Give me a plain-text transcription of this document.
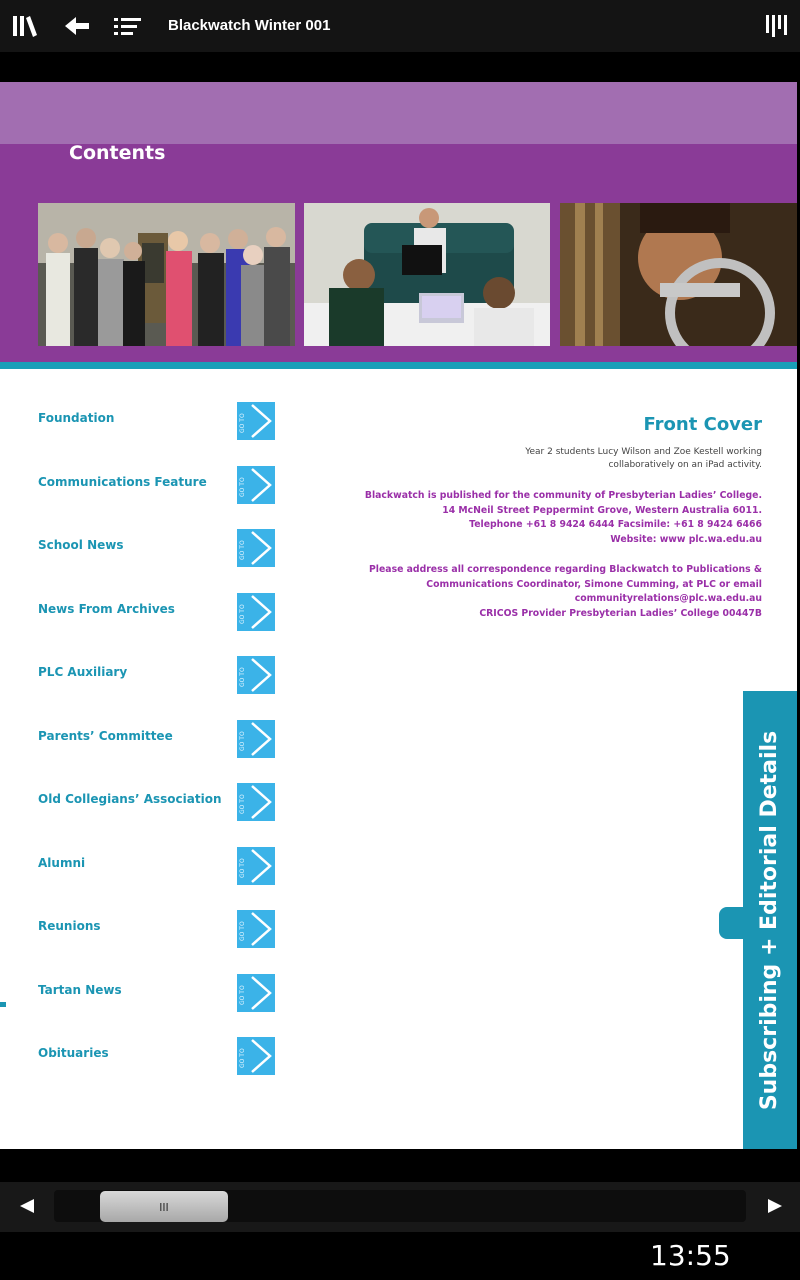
Blackwatch Winter 001
Contents
Foundation	GO TO
Communications Feature	GO TO
School News	GO TO
News From Archives	GO TO
PLC Auxiliary	GO TO
Parents’ Committee	GO TO
Old Collegians’ Association	GO TO
Alumni	GO TO
Reunions	GO TO
Tartan News	GO TO
Obituaries	GO TO
Front Cover
Year 2 students Lucy Wilson and Zoe Kestell working
collaboratively on an iPad activity.
Blackwatch is published for the community of Presbyterian Ladies’ College.
14 McNeil Street Peppermint Grove, Western Australia 6011.
Telephone +61 8 9424 6444 Facsimile: +61 8 9424 6466
Website: www plc.wa.edu.au
Please address all correspondence regarding Blackwatch to Publications &
Communications Coordinator, Simone Cumming, at PLC or email
communityrelations@plc.wa.edu.au
CRICOS Provider Presbyterian Ladies’ College 00447B
Subscribing + Editorial Details
13:55
